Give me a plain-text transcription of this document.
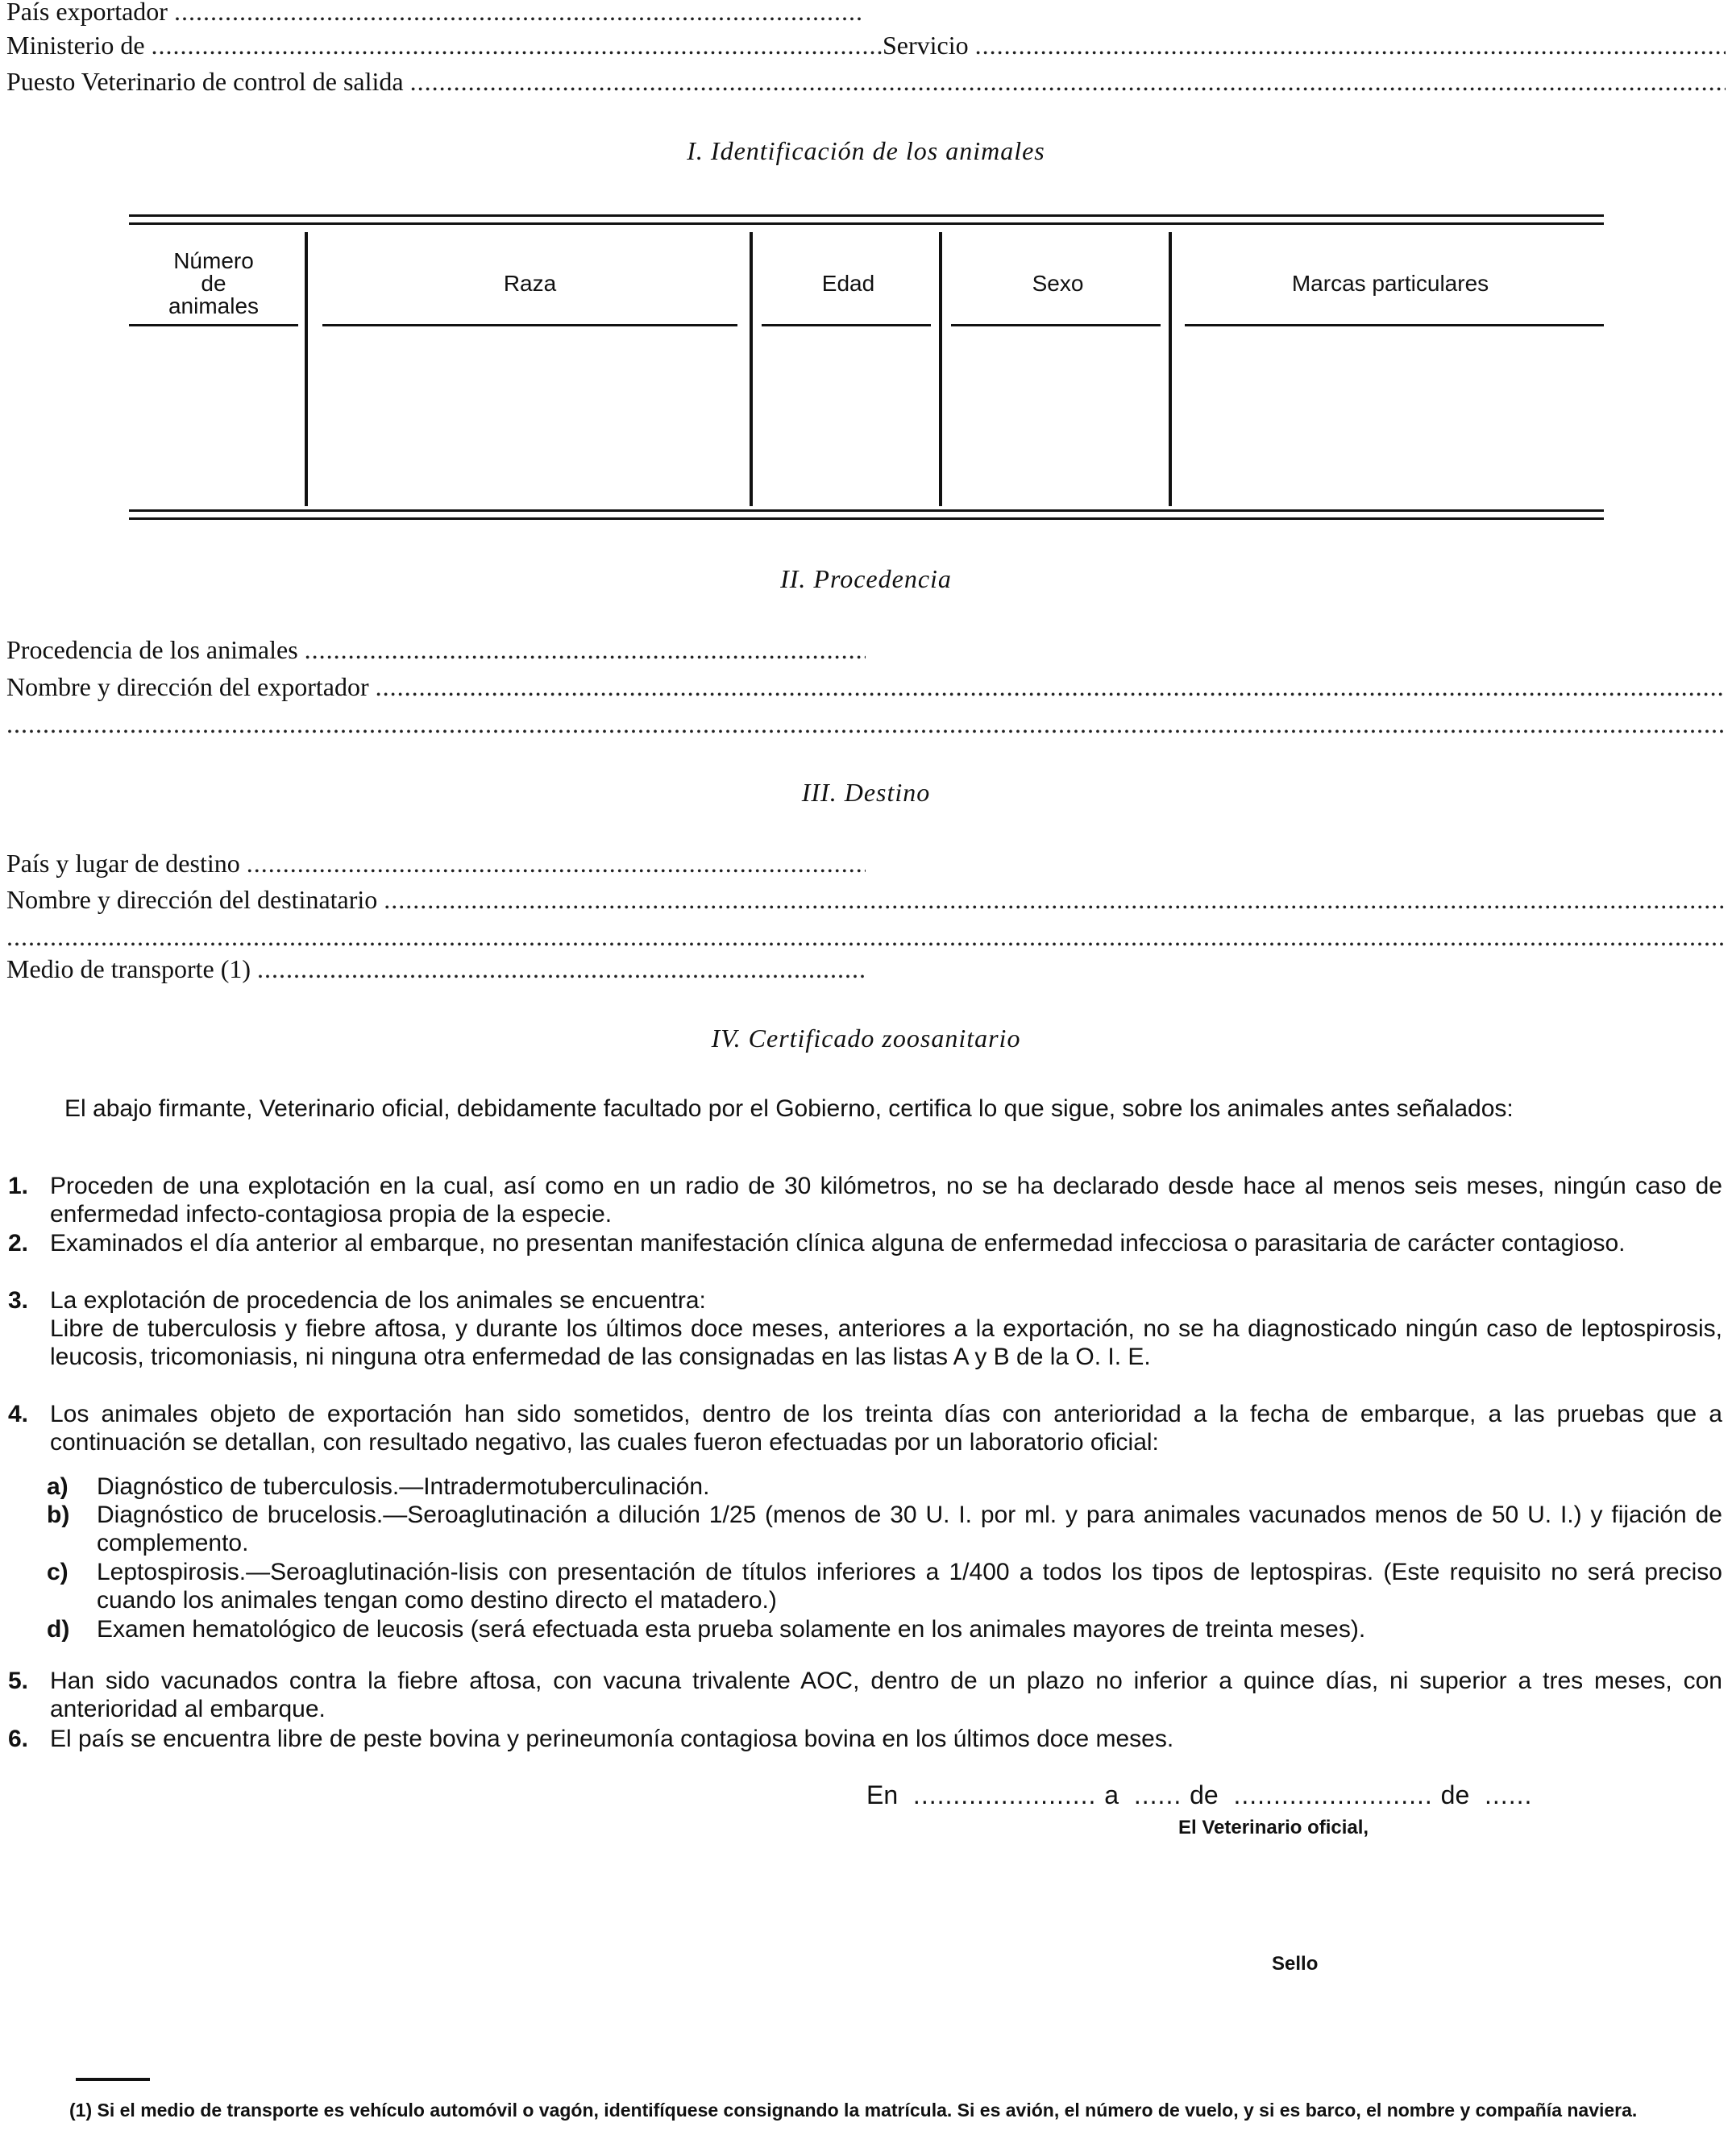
País exportador
.....
Ministerio de
.....	Servicio
.....
Puesto Veterinario de control de salida
.....
I. Identificación de los animales
Número de animales
Raza	Edad	Sexo	Marcas particulares
II. Procedencia
Procedencia de los animales
.....
Nombre y dirección del exportador
.....
.....
III. Destino
País y lugar de destino
.....
Nombre y dirección del destinatario
.....
.....
Medio de transporte (1)
.....
IV. Certificado zoosanitario
El abajo firmante, Veterinario oficial, debidamente facultado por el Gobierno, certifica lo que sigue, sobre los animales antes señalados:
1. Proceden de una explotación en la cual, así como en un radio de 30 kilómetros, no se ha declarado desde hace al menos seis meses, ningún caso de enfermedad infecto-contagiosa propia de la especie.
2. Examinados el día anterior al embarque, no presentan manifestación clínica alguna de enfermedad infecciosa o parasitaria de carácter contagioso.
3. La explotación de procedencia de los animales se encuentra:
Libre de tuberculosis y fiebre aftosa, y durante los últimos doce meses, anteriores a la exportación, no se ha diagnosticado ningún caso de leptospirosis, leucosis, tricomoniasis, ni ninguna otra enfermedad de las consignadas en las listas A y B de la O. I. E.
4. Los animales objeto de exportación han sido sometidos, dentro de los treinta días con anterioridad a la fecha de embarque, a las pruebas que a continuación se detallan, con resultado negativo, las cuales fueron efectuadas por un laboratorio oficial:
a)	Diagnóstico de tuberculosis.—Intradermotuberculinación.
b)	Diagnóstico de brucelosis.—Seroaglutinación a dilución 1/25 (menos de 30 U. I. por ml. y para animales vacunados menos de 50 U. I.) y fijación de complemento.
c)	Leptospirosis.—Seroaglutinación-lisis con presentación de títulos inferiores a 1/400 a todos los tipos de leptospiras. (Este requisito no será preciso cuando los animales tengan como destino directo el matadero.)
d)	Examen hematológico de leucosis (será efectuada esta prueba solamente en los animales mayores de treinta meses).
5. Han sido vacunados contra la fiebre aftosa, con vacuna trivalente AOC, dentro de un plazo no inferior a quince días, ni superior a tres meses, con anterioridad al embarque.
6. El país se encuentra libre de peste bovina y perineumonía contagiosa bovina en los últimos doce meses.
En  ....................... a  ...... de  ......................... de  ......
El Veterinario oficial,
Sello
(1) Si el medio de transporte es vehículo automóvil o vagón, identifíquese consignando la matrícula. Si es avión, el número de vuelo, y si es barco, el nombre y compañía naviera.
